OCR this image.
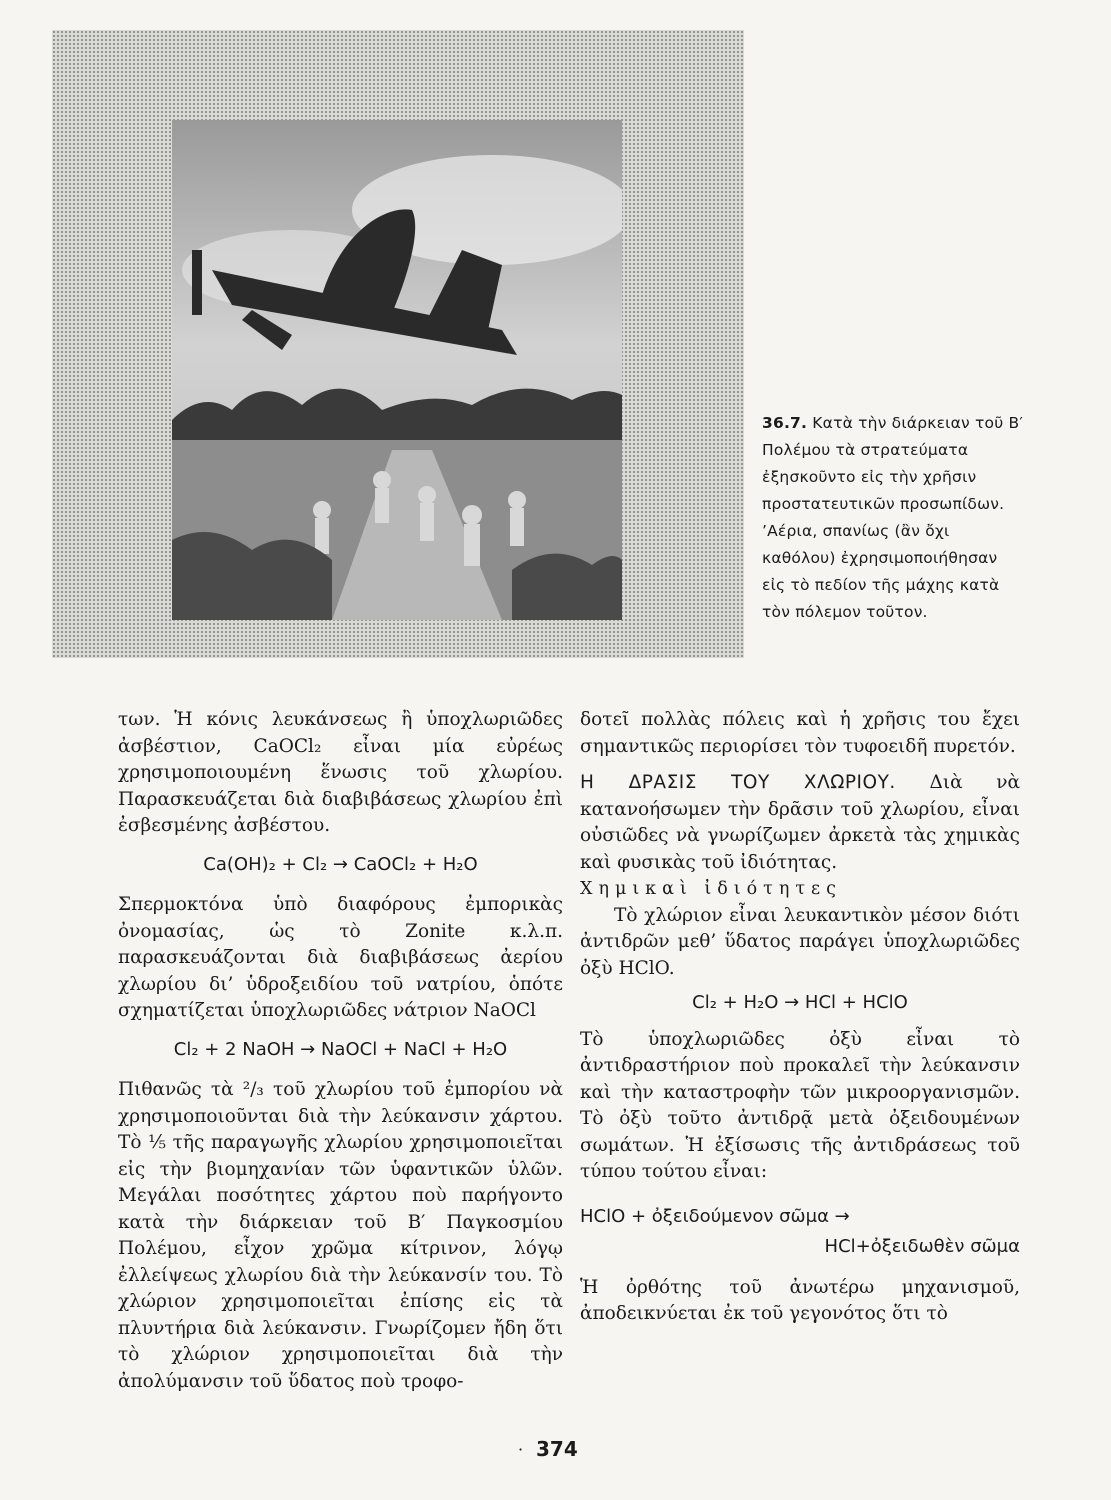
36.7. Κατὰ τὴν διάρκειαν τοῦ Β′ Πολέμου τὰ στρατεύματα ἐξησκοῦντο εἰς τὴν χρῆσιν προστατευτικῶν προσωπίδων. ’Αέρια, σπανίως (ἂν ὄχι καθόλου) ἐχρησιμοποιήθησαν εἰς τὸ πεδίον τῆς μάχης κατὰ τὸν πόλεμον τοῦτον.

των. Ἡ κόνις λευκάνσεως ἢ ὑποχλωριῶδες ἀσβέστιον, CaOCl₂ εἶναι μία εὐρέως χρησιμοποιουμένη ἕνωσις τοῦ χλωρίου. Παρασκευάζεται διὰ διαβιβάσεως χλωρίου ἐπὶ ἐσβεσμένης ἀσβέστου.

Ca(OH)₂ + Cl₂ → CaOCl₂ + H₂O

Σπερμοκτόνα ὑπὸ διαφόρους ἐμπορικὰς ὀνομασίας, ὡς τὸ Zonite κ.λ.π. παρασκευάζονται διὰ διαβιβάσεως ἀερίου χλωρίου δι’ ὑδροξειδίου τοῦ νατρίου, ὁπότε σχηματίζεται ὑποχλωριῶδες νάτριον NaOCl

Cl₂ + 2 NaOH → NaOCl + NaCl + H₂O

Πιθανῶς τὰ ²/₃ τοῦ χλωρίου τοῦ ἐμπορίου νὰ χρησιμοποιοῦνται διὰ τὴν λεύκανσιν χάρτου. Τὸ ⅕ τῆς παραγωγῆς χλωρίου χρησιμοποιεῖται εἰς τὴν βιομηχανίαν τῶν ὑφαντικῶν ὑλῶν. Μεγάλαι ποσότητες χάρτου ποὺ παρήγοντο κατὰ τὴν διάρκειαν τοῦ Β′ Παγκοσμίου Πολέμου, εἶχον χρῶμα κίτρινον, λόγῳ ἐλλείψεως χλωρίου διὰ τὴν λεύκανσίν του. Τὸ χλώριον χρησιμοποιεῖται ἐπίσης εἰς τὰ πλυντήρια διὰ λεύκανσιν. Γνωρίζομεν ἤδη ὅτι τὸ χλώριον χρησιμοποιεῖται διὰ τὴν ἀπολύμανσιν τοῦ ὕδατος ποὺ τροφο-

δοτεῖ πολλὰς πόλεις καὶ ἡ χρῆσις του ἔχει σημαντικῶς περιορίσει τὸν τυφοειδῆ πυρετόν.

Η ΔΡΑΣΙΣ ΤΟΥ ΧΛΩΡΙΟΥ. Διὰ νὰ κατανοήσωμεν τὴν δρᾶσιν τοῦ χλωρίου, εἶναι οὐσιῶδες νὰ γνωρίζωμεν ἀρκετὰ τὰς χημικὰς καὶ φυσικὰς τοῦ ἰδιότητας.

Χημικαὶ ἰδιότητες

Τὸ χλώριον εἶναι λευκαντικὸν μέσον διότι ἀντιδρῶν μεθ’ ὕδατος παράγει ὑποχλωριῶδες ὀξὺ HClO.

Cl₂ + H₂O → HCl + HClO

Τὸ ὑποχλωριῶδες ὀξὺ εἶναι τὸ ἀντιδραστήριον ποὺ προκαλεῖ τὴν λεύκανσιν καὶ τὴν καταστροφὴν τῶν μικροοργανισμῶν. Τὸ ὀξὺ τοῦτο ἀντιδρᾷ μετὰ ὀξειδουμένων σωμάτων. Ἡ ἐξίσωσις τῆς ἀντιδράσεως τοῦ τύπου τούτου εἶναι:

HClO + ὀξειδούμενον σῶμα →
HCl+ὀξειδωθὲν σῶμα

Ἡ ὀρθότης τοῦ ἀνωτέρω μηχανισμοῦ, ἀποδεικνύεται ἐκ τοῦ γεγονότος ὅτι τὸ

· 374
